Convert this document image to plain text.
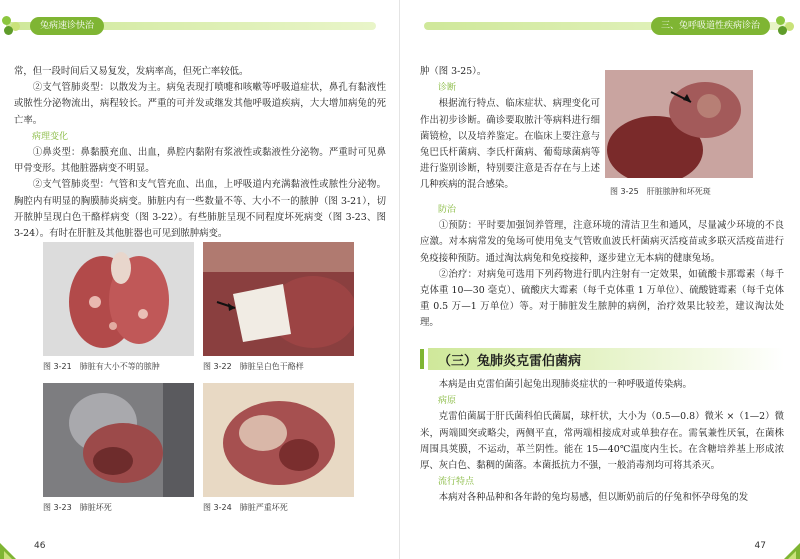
兔病速诊快治

常，但一段时间后又易复发，发病率高，但死亡率较低。

②支气管肺炎型：以散发为主。病兔表现打喷嚏和咳嗽等呼吸道症状，鼻孔有黏液性或脓性分泌物流出，病程较长。严重的可并发或继发其他呼吸道疾病，大大增加病兔的死亡率。

病理变化

①鼻炎型：鼻黏膜充血、出血，鼻腔内黏附有浆液性或黏液性分泌物。严重时可见鼻甲骨变形。其他脏器病变不明显。

②支气管肺炎型：气管和支气管充血、出血，上呼吸道内充满黏液性或脓性分泌物。胸腔内有明显的胸膜肺炎病变。肺脏内有一些数量不等、大小不一的脓肿（图 3-21），切开脓肿呈现白色干酪样病变（图 3-22）。有些肺脏呈现不同程度坏死病变（图 3-23、图 3-24）。有时在肝脏及其他脏器也可见到脓肿病变。

图 3-21　肺脏有大小不等的脓肿	图 3-22　肺脏呈白色干酪样
图 3-23　肺脏坏死	图 3-24　肺脏严重坏死
46
三、兔呼吸道性疾病诊治

肿（图 3-25）。

诊断

根据流行特点、临床症状、病理变化可作出初步诊断。确诊要取脓汁等病料进行细菌镜检，以及培养鉴定。在临床上要注意与兔巴氏杆菌病、李氏杆菌病、葡萄球菌病等进行鉴别诊断，特别要注意是否存在与上述几种疾病的混合感染。

图 3-25　肝脏脓肿和坏死斑
防治

①预防：平时要加强饲养管理，注意环境的清洁卫生和通风，尽量减少环境的不良应激。对本病常发的兔场可使用兔支气管败血波氏杆菌病灭活疫苗或多联灭活疫苗进行免疫接种预防。通过淘汰病兔和免疫接种，逐步建立无本病的健康兔场。

②治疗：对病兔可选用下列药物进行肌内注射有一定效果，如硫酸卡那霉素（每千克体重 10—30 毫克）、硫酸庆大霉素（每千克体重 1 万单位）、硫酸链霉素（每千克体重 0.5 万—1 万单位）等。对于肺脏发生脓肿的病例，治疗效果比较差，建议淘汰处理。

（三）兔肺炎克雷伯菌病

本病是由克雷伯菌引起兔出现肺炎症状的一种呼吸道传染病。

病原

克雷伯菌属于肝氏菌科伯氏菌属，球杆状，大小为（0.5—0.8）微米 ×（1—2）微米，两端圆突或略尖，两侧平直，常两端相接成对或单独存在。需氧兼性厌氧，在菌株周围具荚膜，不运动，革兰阴性。能在 15—40℃温度内生长。在含糖培养基上形成浓厚、灰白色、黏稠的菌落。本菌抵抗力不强，一般消毒剂均可将其杀灭。

流行特点

本病对各种品种和各年龄的兔均易感，但以断奶前后的仔兔和怀孕母兔的发

47
